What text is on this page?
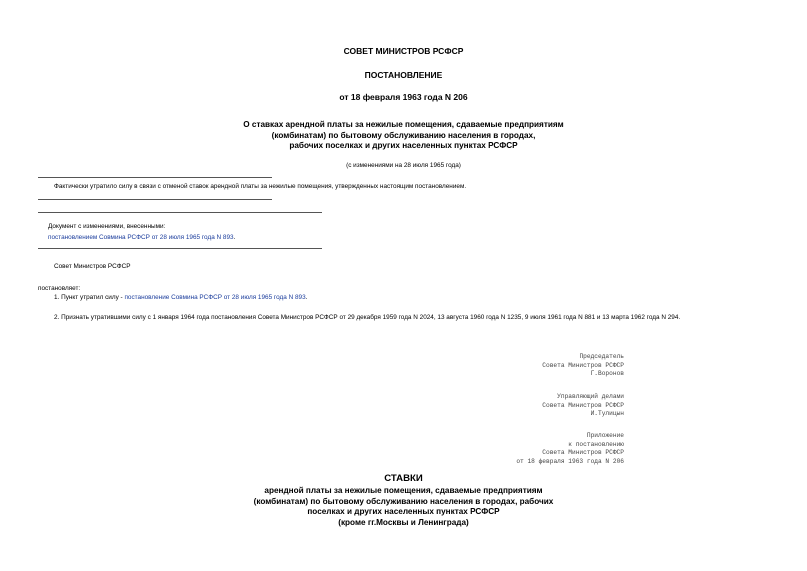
СОВЕТ МИНИСТРОВ РСФСР
ПОСТАНОВЛЕНИЕ
от 18 февраля 1963 года N 206
О ставках арендной платы за нежилые помещения, сдаваемые предприятиям
(комбинатам) по бытовому обслуживанию населения в городах,
рабочих поселках и других населенных пунктах РСФСР
(с изменениями на 28 июля 1965 года)
Фактически утратило силу в связи с отменой ставок арендной платы за нежилые помещения, утвержденных настоящим постановлением.
Документ с изменениями, внесенными:
постановлением Совмина РСФСР от 28 июля 1965 года N 893.
Совет Министров РСФСР
постановляет:
1. Пункт утратил силу - постановление Совмина РСФСР от 28 июля 1965 года N 893.
2. Признать утратившими силу с 1 января 1964 года постановления Совета Министров РСФСР от 29 декабря 1959 года N 2024, 13 августа 1960 года N 1235, 9 июля 1961 года N 881 и 13 марта 1962 года N 294.
Председатель
Совета Министров РСФСР
Г.Воронов
Управляющий делами
Совета Министров РСФСР
И.Тулицын
Приложение
к постановлению
Совета Министров РСФСР
от 18 февраля 1963 года N 206
СТАВКИ
арендной платы за нежилые помещения, сдаваемые предприятиям
(комбинатам) по бытовому обслуживанию населения в городах, рабочих
поселках и других населенных пунктах РСФСР
(кроме гг.Москвы и Ленинграда)
